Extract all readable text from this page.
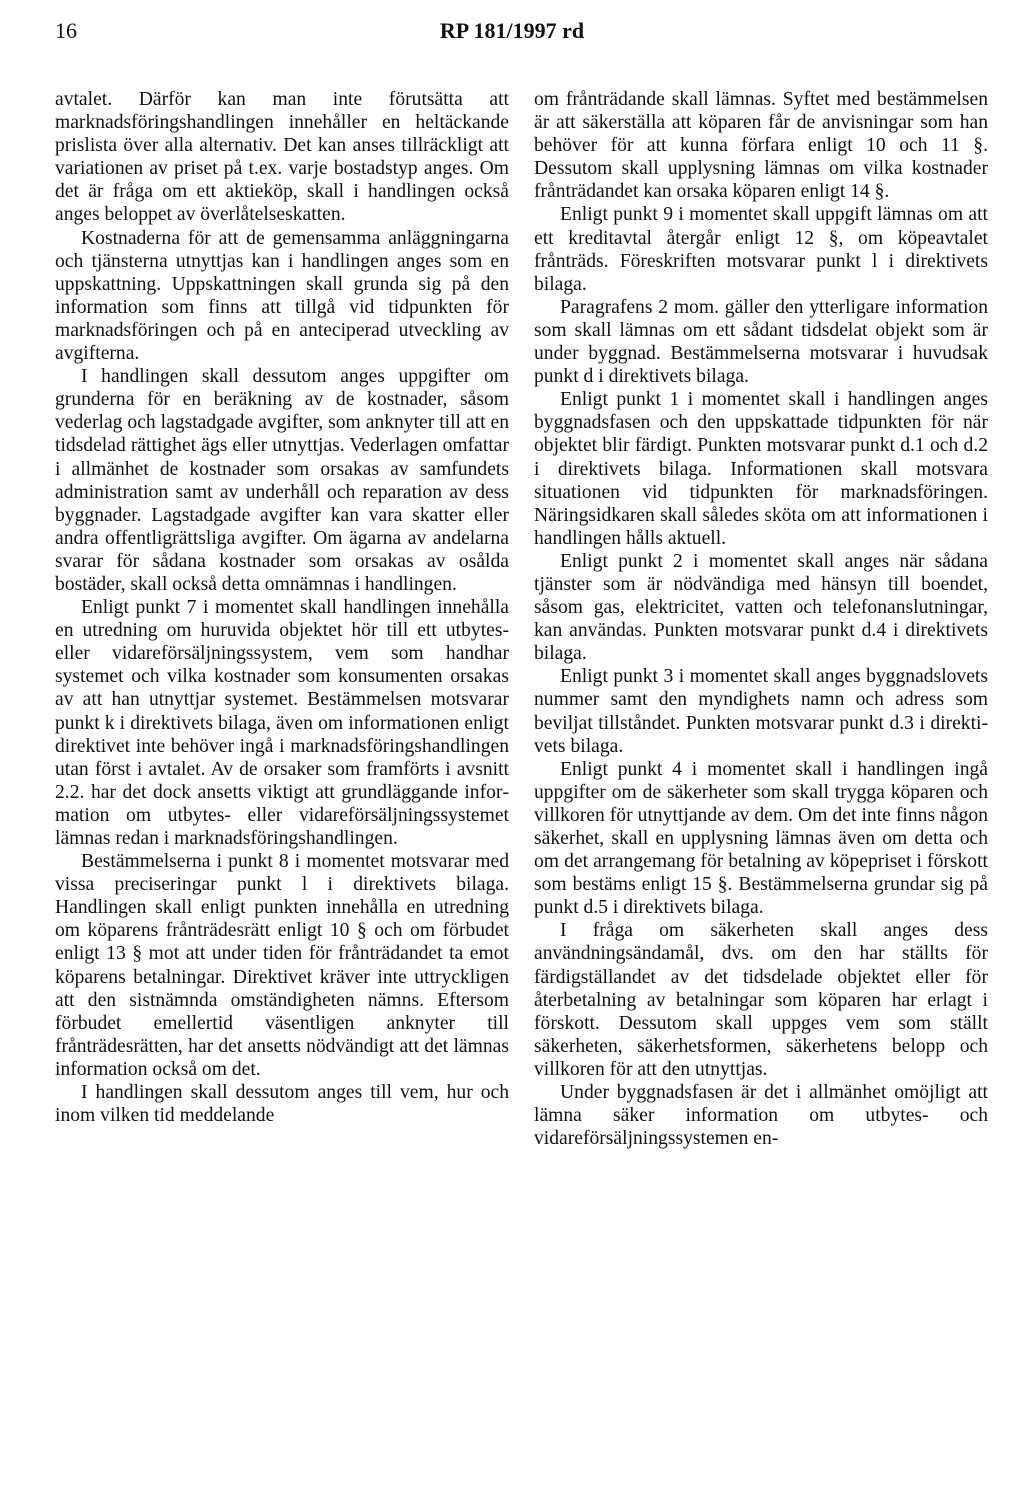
16	RP 181/1997 rd

avtalet. Därför kan man inte förutsätta att marknadsföringshandlingen innehåller en heltäckande prislista över alla alternativ. Det kan anses tillräckligt att variationen av priset på t.ex. varje bostadstyp anges. Om det är fråga om ett aktieköp, skall i handlingen också anges beloppet av överlåtelseskatten.

Kostnaderna för att de gemensamma anläggningarna och tjänsterna utnyttjas kan i handlingen anges som en uppskattning. Uppskattningen skall grunda sig på den information som finns att tillgå vid tidpunkten för marknadsföringen och på en anteciperad utveckling av avgifterna.

I handlingen skall dessutom anges uppgifter om grunderna för en beräkning av de kostnader, såsom vederlag och lagstadgade avgifter, som anknyter till att en tidsdelad rättighet ägs eller utnyttjas. Vederlagen omfattar i allmänhet de kostnader som orsakas av samfundets administration samt av underhåll och reparation av dess byggnader. Lagstadgade avgifter kan vara skatter eller andra offentligrättsliga avgifter. Om ägarna av andelarna svarar för sådana kostnader som orsakas av osålda bostäder, skall också detta omnämnas i handlingen.

Enligt punkt 7 i momentet skall handlingen innehålla en utredning om huruvida objektet hör till ett utbytes- eller vidareförsäljningssystem, vem som handhar systemet och vilka kostnader som konsumenten orsakas av att han utnyttjar systemet. Bestämmelsen motsvarar punkt k i direktivets bilaga, även om informationen enligt direktivet inte behöver ingå i marknadsföringshandlingen utan först i avtalet. Av de orsaker som framförts i avsnitt 2.2. har det dock ansetts viktigt att grundläggande information om utbytes- eller vidareförsäljningssystemet lämnas redan i marknadsföringshandlingen.

Bestämmelserna i punkt 8 i momentet motsvarar med vissa preciseringar punkt l i direktivets bilaga. Handlingen skall enligt punkten innehålla en utredning om köparens frånträdesrätt enligt 10 § och om förbudet enligt 13 § mot att under tiden för frånträdandet ta emot köparens betalningar. Direktivet kräver inte uttryckligen att den sistnämnda omständigheten nämns. Eftersom förbudet emellertid väsentligen anknyter till frånträdesrätten, har det ansetts nödvändigt att det lämnas information också om det.

I handlingen skall dessutom anges till vem, hur och inom vilken tid meddelande

om frånträdande skall lämnas. Syftet med bestämmelsen är att säkerställa att köparen får de anvisningar som han behöver för att kunna förfara enligt 10 och 11 §. Dessutom skall upplysning lämnas om vilka kostnader frånträdandet kan orsaka köparen enligt 14 §.

Enligt punkt 9 i momentet skall uppgift lämnas om att ett kreditavtal återgår enligt 12 §, om köpeavtalet frånträds. Föreskriften motsvarar punkt l i direktivets bilaga.

Paragrafens 2 mom. gäller den ytterligare information som skall lämnas om ett sådant tidsdelat objekt som är under byggnad. Bestämmelserna motsvarar i huvudsak punkt d i direktivets bilaga.

Enligt punkt 1 i momentet skall i handlingen anges byggnadsfasen och den uppskattade tidpunkten för när objektet blir färdigt. Punkten motsvarar punkt d.1 och d.2 i direktivets bilaga. Informationen skall motsvara situationen vid tidpunkten för marknadsföringen. Näringsidkaren skall således sköta om att informationen i handlingen hålls aktuell.

Enligt punkt 2 i momentet skall anges när sådana tjänster som är nödvändiga med hänsyn till boendet, såsom gas, elektricitet, vatten och telefonanslutningar, kan användas. Punkten motsvarar punkt d.4 i direktivets bilaga.

Enligt punkt 3 i momentet skall anges byggnadslovets nummer samt den myndighets namn och adress som beviljat tillståndet. Punkten motsvarar punkt d.3 i direktivets bilaga.

Enligt punkt 4 i momentet skall i handlingen ingå uppgifter om de säkerheter som skall trygga köparen och villkoren för utnyttjande av dem. Om det inte finns någon säkerhet, skall en upplysning lämnas även om detta och om det arrangemang för betalning av köpepriset i förskott som bestäms enligt 15 §. Bestämmelserna grundar sig på punkt d.5 i direktivets bilaga.

I fråga om säkerheten skall anges dess användningsändamål, dvs. om den har ställts för färdigställandet av det tidsdelade objektet eller för återbetalning av betalningar som köparen har erlagt i förskott. Dessutom skall uppges vem som ställt säkerheten, säkerhetsformen, säkerhetens belopp och villkoren för att den utnyttjas.

Under byggnadsfasen är det i allmänhet omöjligt att lämna säker information om utbytes- och vidareförsäljningssystemen en-
